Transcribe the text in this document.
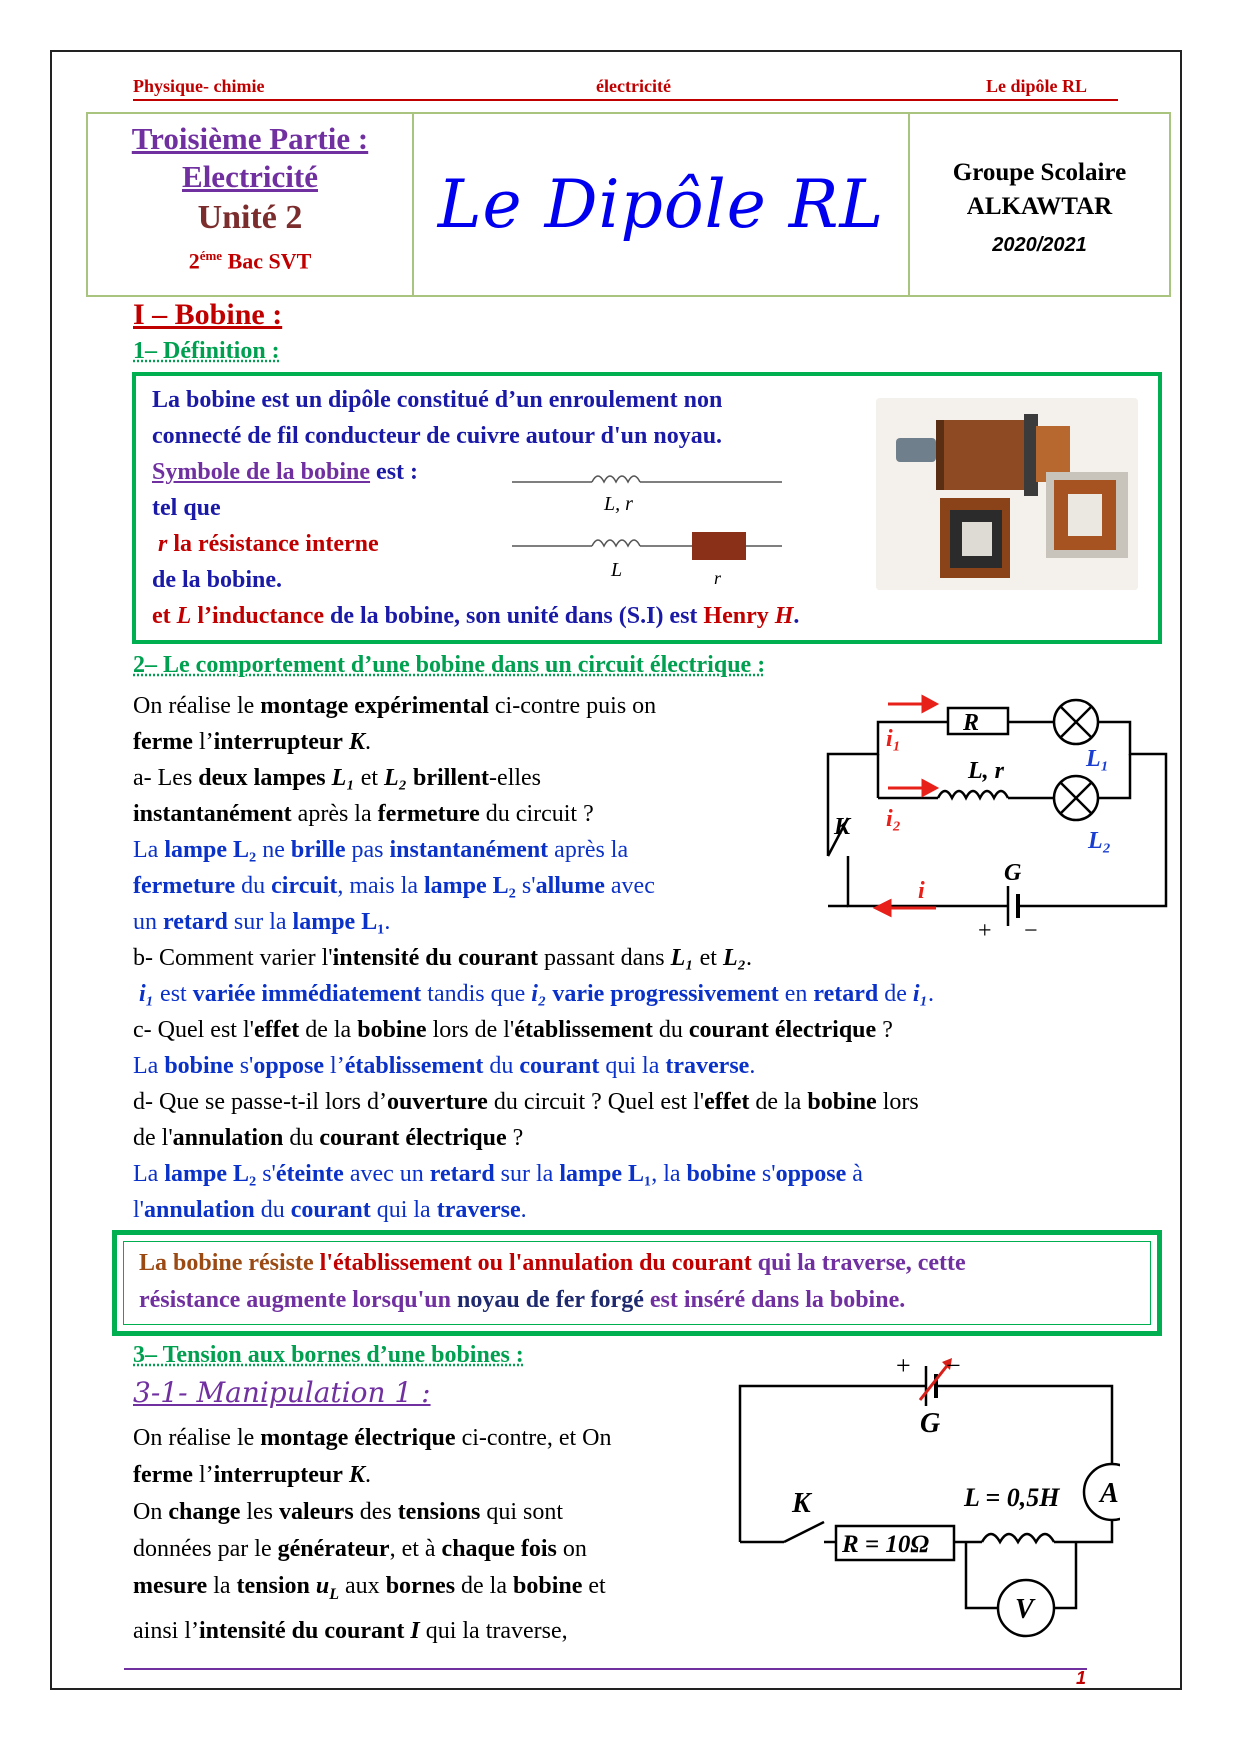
Physique- chimie	électricité	Le dipôle RL
Troisième Partie :
Electricité
Unité 2
$2^{éme}$ Bac SVT
Le Dipôle RL	Groupe Scolaire
ALKAWTAR
2020/2021
I – Bobine :
1– Définition :
La bobine est un dipôle constitué d’un enroulement non
connecté de fil conducteur de cuivre autour d'un noyau.
Symbole de la bobine est :
tel que
r la résistance interne
de la bobine.
et L l’inductance de la bobine, son unité dans (S.I) est Henry H.
L, r
L	r
2– Le comportement d’une bobine dans un circuit électrique :
On réalise le montage expérimental ci-contre puis on
ferme l’interrupteur K.
a- Les deux lampes L₁ et L₂ brillent-elles
instantanément après la fermeture du circuit ?
La lampe L₂ ne brille pas instantanément après la
fermeture du circuit, mais la lampe L₂ s'allume avec
un retard sur la lampe L₁.
b- Comment varier l'intensité du courant passant dans L₁ et L₂.
i₁ est variée immédiatement tandis que i₂ varie progressivement en retard de i₁.
c- Quel est l'effet de la bobine lors de l'établissement du courant électrique ?
La bobine s'oppose l’établissement du courant qui la traverse.
d- Que se passe-t-il lors d’ouverture du circuit ? Quel est l'effet de la bobine lors
de l'annulation du courant électrique ?
La lampe L₂ s'éteinte avec un retard sur la lampe L₁, la bobine s'oppose à
l'annulation du courant qui la traverse.
R
i₁
L₁
L, r
K i₂
L₂
G
i
+ −
La bobine résiste l'établissement ou l'annulation du courant qui la traverse, cette
résistance augmente lorsqu'un noyau de fer forgé est inséré dans la bobine.
3– Tension aux bornes d’une bobines :
3-1- Manipulation 1 :
On réalise le montage électrique ci-contre, et On
ferme l’interrupteur K.
On change les valeurs des tensions qui sont
données par le générateur, et à chaque fois on
mesure la tension $u_L$ aux bornes de la bobine et
ainsi l’intensité du courant I qui la traverse,
+ −
G
A
K	L = 0,5H
R = 10Ω
V
1
